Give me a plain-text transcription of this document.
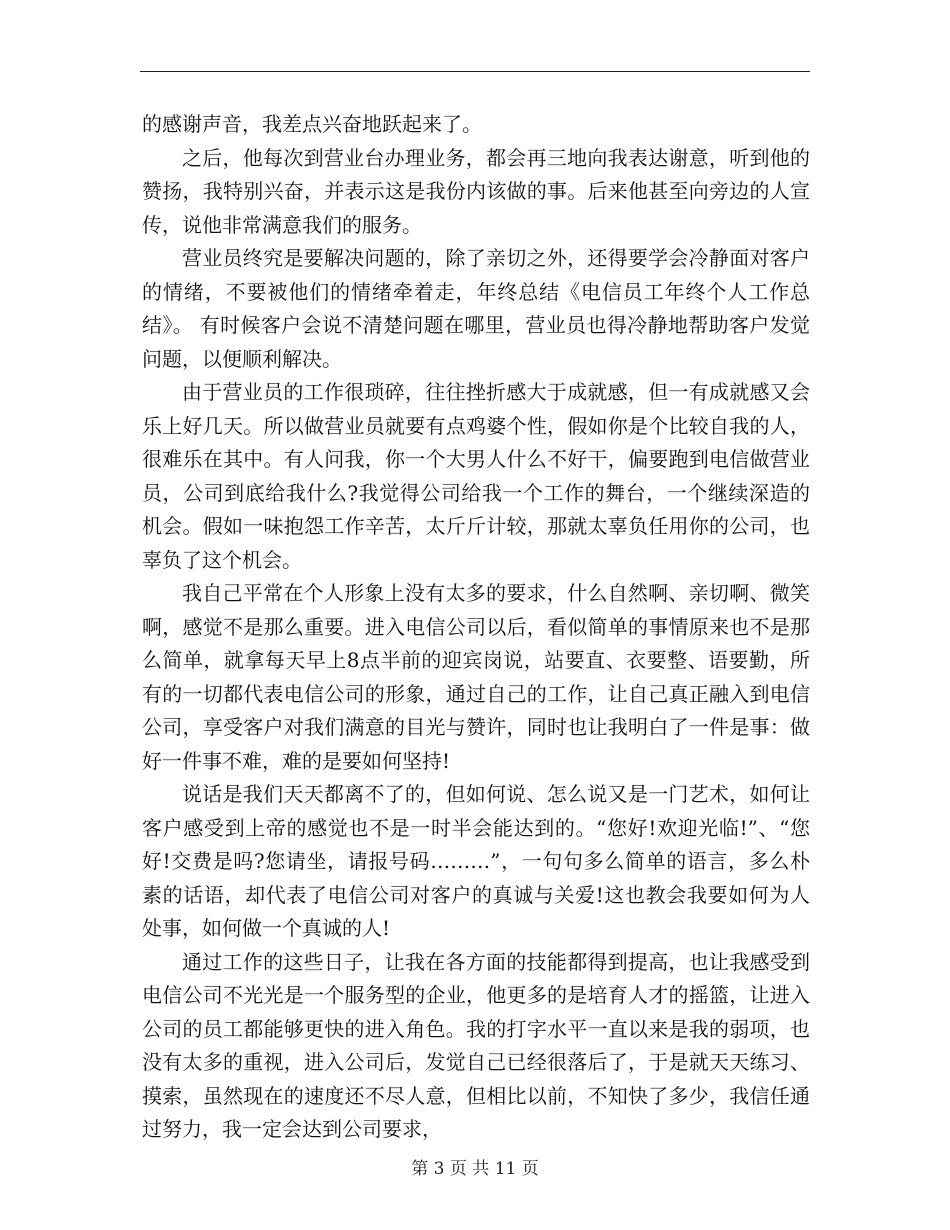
的感谢声音，我差点兴奋地跃起来了。

之后，他每次到营业台办理业务，都会再三地向我表达谢意，听到他的赞扬，我特别兴奋，并表示这是我份内该做的事。后来他甚至向旁边的人宣传，说他非常满意我们的服务。

营业员终究是要解决问题的，除了亲切之外，还得要学会冷静面对客户的情绪，不要被他们的情绪牵着走，年终总结《电信员工年终个人工作总结》。 有时候客户会说不清楚问题在哪里，营业员也得冷静地帮助客户发觉问题，以便顺利解决。

由于营业员的工作很琐碎，往往挫折感大于成就感，但一有成就感又会乐上好几天。所以做营业员就要有点鸡婆个性，假如你是个比较自我的人，很难乐在其中。有人问我，你一个大男人什么不好干，偏要跑到电信做营业员，公司到底给我什么?我觉得公司给我一个工作的舞台，一个继续深造的机会。假如一味抱怨工作辛苦，太斤斤计较，那就太辜负任用你的公司，也辜负了这个机会。

我自己平常在个人形象上没有太多的要求，什么自然啊、亲切啊、微笑啊，感觉不是那么重要。进入电信公司以后，看似简单的事情原来也不是那么简单，就拿每天早上8点半前的迎宾岗说，站要直、衣要整、语要勤，所有的一切都代表电信公司的形象，通过自己的工作，让自己真正融入到电信公司，享受客户对我们满意的目光与赞许，同时也让我明白了一件是事：做好一件事不难，难的是要如何坚持!

说话是我们天天都离不了的，但如何说、怎么说又是一门艺术，如何让客户感受到上帝的感觉也不是一时半会能达到的。“您好!欢迎光临!”、“您好!交费是吗?您请坐，请报号码………”，一句句多么简单的语言，多么朴素的话语，却代表了电信公司对客户的真诚与关爱!这也教会我要如何为人处事，如何做一个真诚的人!

通过工作的这些日子，让我在各方面的技能都得到提高，也让我感受到电信公司不光光是一个服务型的企业，他更多的是培育人才的摇篮，让进入公司的员工都能够更快的进入角色。我的打字水平一直以来是我的弱项，也没有太多的重视，进入公司后，发觉自己已经很落后了，于是就天天练习、摸索，虽然现在的速度还不尽人意，但相比以前，不知快了多少，我信任通过努力，我一定会达到公司要求，

第 3 页 共 11 页
